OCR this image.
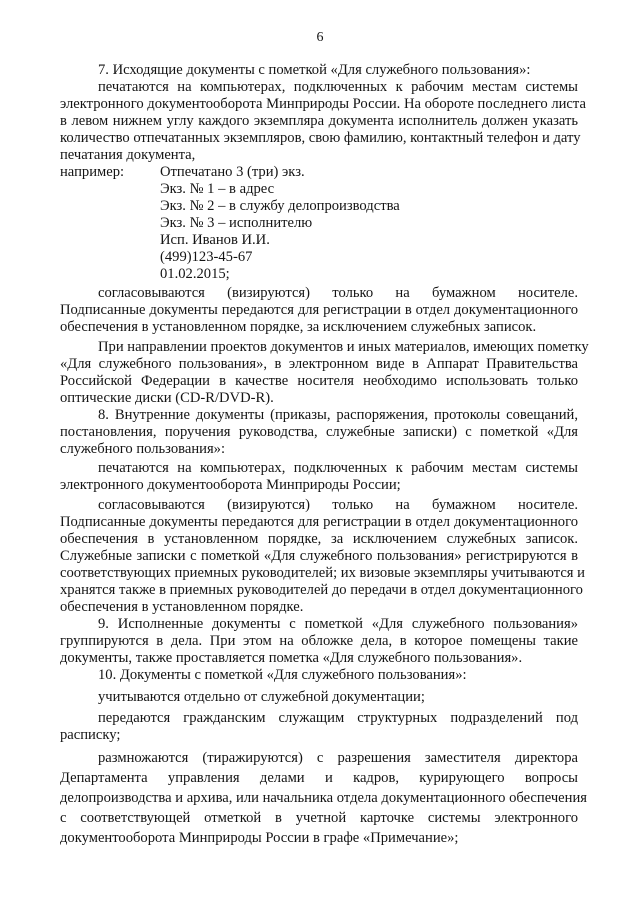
6
7. Исходящие документы с пометкой «Для служебного пользования»:
печатаются на компьютерах, подключенных к рабочим местам системы
электронного документооборота Минприроды России. На обороте последнего листа
в левом нижнем углу каждого экземпляра документа исполнитель должен указать
количество отпечатанных экземпляров, свою фамилию, контактный телефон и дату
печатания документа,
например: Отпечатано 3 (три) экз.
Экз. № 1 – в адрес
Экз. № 2 – в службу делопроизводства
Экз. № 3 – исполнителю
Исп. Иванов И.И.
(499)123-45-67
01.02.2015;
согласовываются (визируются) только на бумажном носителе.
Подписанные документы передаются для регистрации в отдел документационного
обеспечения в установленном порядке, за исключением служебных записок.
При направлении проектов документов и иных материалов, имеющих пометку
«Для служебного пользования», в электронном виде в Аппарат Правительства
Российской Федерации в качестве носителя необходимо использовать только
оптические диски (CD-R/DVD-R).
8. Внутренние документы (приказы, распоряжения, протоколы совещаний,
постановления, поручения руководства, служебные записки) с пометкой «Для
служебного пользования»:
печатаются на компьютерах, подключенных к рабочим местам системы
электронного документооборота Минприроды России;
согласовываются (визируются) только на бумажном носителе.
Подписанные документы передаются для регистрации в отдел документационного
обеспечения в установленном порядке, за исключением служебных записок.
Служебные записки с пометкой «Для служебного пользования» регистрируются в
соответствующих приемных руководителей; их визовые экземпляры учитываются и
хранятся также в приемных руководителей до передачи в отдел документационного
обеспечения в установленном порядке.
9. Исполненные документы с пометкой «Для служебного пользования»
группируются в дела. При этом на обложке дела, в которое помещены такие
документы, также проставляется пометка «Для служебного пользования».
10. Документы с пометкой «Для служебного пользования»:
учитываются отдельно от служебной документации;
передаются гражданским служащим структурных подразделений под
расписку;
размножаются (тиражируются) с разрешения заместителя директора
Департамента управления делами и кадров, курирующего вопросы
делопроизводства и архива, или начальника отдела документационного обеспечения
с соответствующей отметкой в учетной карточке системы электронного
документооборота Минприроды России в графе «Примечание»;
